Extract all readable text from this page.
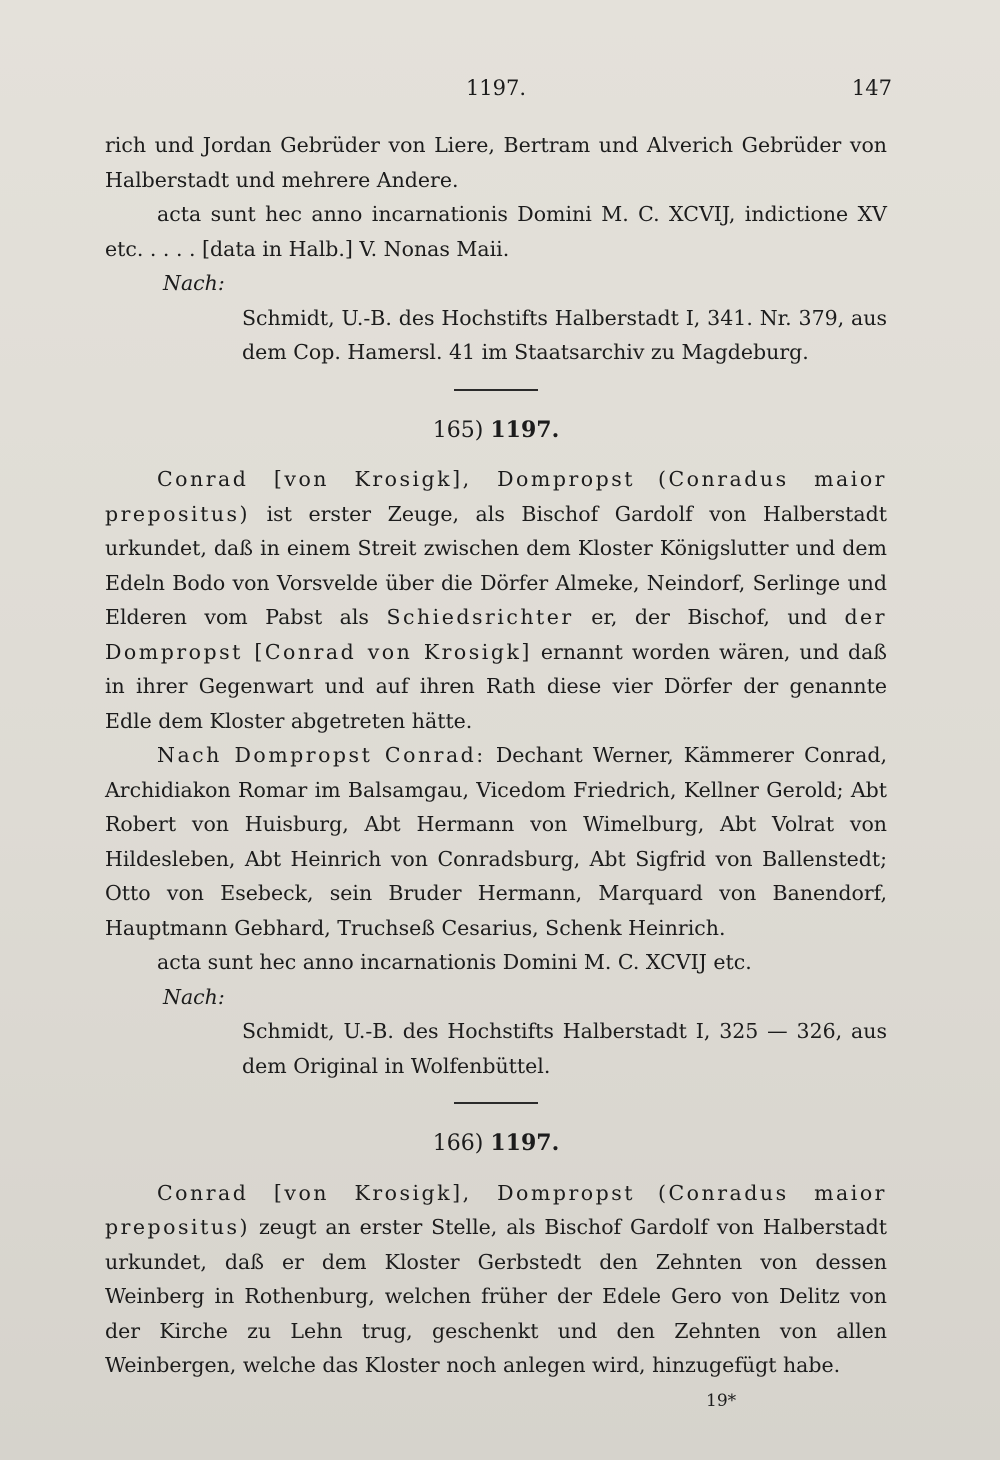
1197.	147

rich und Jordan Gebrüder von Liere, Bertram und Alverich Gebrüder von Halberstadt und mehrere Andere.

acta sunt hec anno incarnationis Domini M. C. XCVIJ, indictione XV etc. . . . . [data in Halb.] V. Nonas Maii.

Nach:

Schmidt, U.-B. des Hochstifts Halberstadt I, 341. Nr. 379, aus dem Cop. Hamersl. 41 im Staatsarchiv zu Magdeburg.

165) 1197.

Conrad [von Krosigk], Dompropst (Conradus maior prepositus) ist erster Zeuge, als Bischof Gardolf von Halberstadt urkundet, daß in einem Streit zwischen dem Kloster Königslutter und dem Edeln Bodo von Vorsvelde über die Dörfer Almeke, Neindorf, Serlinge und Elderen vom Pabst als Schiedsrichter er, der Bischof, und der Dompropst [Conrad von Krosigk] ernannt worden wären, und daß in ihrer Gegenwart und auf ihren Rath diese vier Dörfer der genannte Edle dem Kloster abgetreten hätte.

Nach Dompropst Conrad: Dechant Werner, Kämmerer Conrad, Archidiakon Romar im Balsamgau, Vicedom Friedrich, Kellner Gerold; Abt Robert von Huisburg, Abt Hermann von Wimelburg, Abt Volrat von Hildesleben, Abt Heinrich von Conradsburg, Abt Sigfrid von Ballenstedt; Otto von Esebeck, sein Bruder Hermann, Marquard von Banendorf, Hauptmann Gebhard, Truchseß Cesarius, Schenk Heinrich.

acta sunt hec anno incarnationis Domini M. C. XCVIJ etc.

Nach:

Schmidt, U.-B. des Hochstifts Halberstadt I, 325 — 326, aus dem Original in Wolfenbüttel.

166) 1197.

Conrad [von Krosigk], Dompropst (Conradus maior prepositus) zeugt an erster Stelle, als Bischof Gardolf von Halberstadt urkundet, daß er dem Kloster Gerbstedt den Zehnten von dessen Weinberg in Rothenburg, welchen früher der Edele Gero von Delitz von der Kirche zu Lehn trug, geschenkt und den Zehnten von allen Weinbergen, welche das Kloster noch anlegen wird, hinzugefügt habe.

19*
